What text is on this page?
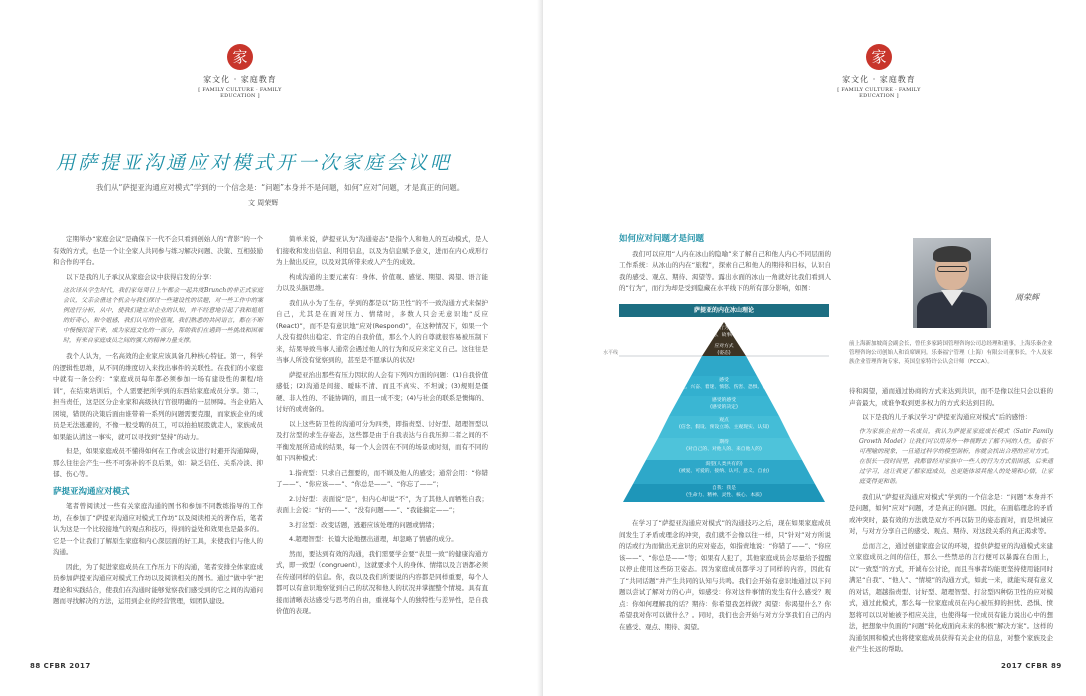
家
家文化 · 家庭教育
[ FAMILY CULTURE · FAMILY EDUCATION ]
用萨提亚沟通应对模式开一次家庭会议吧
我们从“萨提亚沟通应对模式”学到的一个信念是：“问题”本身并不是问题，如何“应对”问题，才是真正的问题。
文 周荣辉

定期举办“家庭会议”是确保下一代不会只看到创始人的“背影”的一个有效的方式，也是一个让全家人共同参与练习解决问题、决策、互相鼓励和合作的平台。

以下是我的儿子承汉从家庭会议中获得启发的分享：

这次译从学生时代，我们家每周日上午都会一起共度Brunch的非正式家庭会议，父亲会借这个机会与我们探讨一些建设性的话题，对一些工作中的案例进行分析，从中，使我们建立对企业的认知，并不经意地引起了我和姐姐的好奇心，和令姐感，我们认可的价值观，我们熟悉的共同语言，都在不断中慢慢沉淀下来，成为家庭文化的一部分，帮助我们在遇到一些挑战和困难时，有来自家庭成员之间的强大的精神力量支撑。

我个人认为，一名高效的企业家应该具备几种核心特征。第一，科学的逻辑性思维，从不同的维度切入来找出事件的关联性。在我们的小家庭中就有一条公约：“家庭成员每年都必须参加一场有建设性的课程/培训”，在结束培训后，个人需要把所学到的东西给家庭成员分享。第二，担当责任，这是区分企业家和高级执行官很明确的一层屏障。当企业陷入困境，错误的决策后面由谁带着一系列的问题需要克服，而家族企业的成员是无法逃避的，不像一般受聘的员工，可以拍拍屁股就走人，家族成员如果能认清这一事实，就可以寻找到“坚持”的动力。

但是，如果家庭成员不懂得如何在工作或会议进行时避开沟通障碍，那么往往会产生一些不可弥补的不良后果，如：缺乏信任、关系冷淡、抑郁、伤心等。

萨提亚沟通应对模式

笔者曾阅读过一些有关家庭沟通的图书和参加不同教练指导的工作坊，在参加了“萨提亚沟通应对模式工作坊”以及阅读相关的著作后，笔者认为这是一个比较接地气的观点和技巧，得到的益处和效果也是最多的。它是一个让我们了解原生家庭和内心深层面的好工具，来使我们与他人的沟通。

因此，为了促进家庭成员在工作压力下的沟通，笔者安排全体家庭成员参加萨提亚沟通应对模式工作坊以及阅读相关的图书。通过“做中学”把理论和实践结合，使我们在沟通时能够觉察我们感受到的它之间的沟通问题而寻找解决的方法，运用到企业的经营管理，如团队建设。

简单来说，萨提亚认为“沟通姿态”是指个人和他人的互动模式，是人们接收和发出信息、利用信息，以及为信息赋予意义，进而在内心成形行为上做出反应，以及对其所带来或人产生的成效。

构成沟通的主要元素有：身体、价值观、感觉、期望、渴望、语言能力以及头脑思维。

我们从小为了生存，学到的都是以“防卫性”的不一致沟通方式来保护自己，尤其是在面对压力、情绪时，多数人只会无意识地“反应(React)”，而不是有意识地“应对(Respond)”，在这种情况下，如果一个人没有提供出稳定、肯定的自我价值，那么个人的自尊就很容易被压制下来，结果导致当事人通常会遇过他人的行为和反应来定义自己。这往往是当事人所没有觉察到的，甚至是不愿承认的状况!

萨提亚治出那些有压力因状的人会有下列四方面的问题：(1)自我价值感低；(2)沟通是间接、暧昧不清、而且不真实、不坦诚；(3)规则是僵硬、非人性的、不能协调的，而且一成不变；(4)与社会的联系是懊悔的、讨好的或责备的。

以上这些防卫性的沟通可分为四类，即指责型、讨好型、超理智型以及打岔型的求生存姿态，这些都是由于自我表达与自我压抑二者之间的不平衡发展所造成的结果，每一个人会因在不同的场景或时刻，而有不同的如下四种模式：

1.指责型：只求自己想要的，而不顾及他人的感受；通常会用：“你错了——”、“你应该——”、“你总是——”、“你忘了——”；

2.讨好型：表面说“是”，但内心却说“不”，为了其他人而牺牲自我；表面上会说：“好的——”、“没有问题——”、“我能搞定——”；

3.打岔型：改变话题，逃避应该处理的问题或情绪；

4.超理智型：长篇大论地摆出道理，却忽略了情感的成分。

然而，要达到有效的沟通，我们需要学会要“表里一致”的健康沟通方式，即一致型（congruent），这就要求个人的身体、情绪以及言语都必须在传递同样的信息。你，我以及我们所要说的内容都是同样重要，每个人都可以有意识地察觉到自己的状况和他人的状况并掌握整个情境。具有直接而清晰表达感受与思考的自由，重视每个人的独特性与差异性，是自我价值的表现。

88 CFBR 2017
家
家文化 · 家庭教育
[ FAMILY CULTURE · FAMILY EDUCATION ]

如何应对问题才是问题

我们可以应用“人内在冰山的隐喻”来了解自己和他人内心不同层面的工作系统：从冰山的内在“旅程”，探索自己和他人的期待和目标，认识自我的感受、观点、期待、渴望等。露出水面的冰山一角就好比我们看到人的“行为”，而行为却是受到隐藏在水平线下的所有部分影响，如图：

萨提亚的内在冰山理论
行为
(行动、故事内容)
应对方式
(姿态)
感受
(喜悦、兴奋、着迷、愤怒、伤害、恐惧、忧伤)
感受的感受
(感受的决定)
观点
(信念、假设、预设立场、主观现实、认知)
期待
(对自己的、对他人的、来自他人的)
渴望(人类共有的)
(被爱、可爱的、接纳、认可、意义、自由)
自我：我是
(生命力、精神、灵性、核心、本质)
水平线

在学习了“萨提亚沟通应对模式”的沟通技巧之后，现在如果家庭成员间发生了矛盾或理念的冲突，我们就不会像以往一样，只“针对”对方所说的话或行为而做出无意识的应对姿态，如指责地说：“你错了——”、“你应该——”、“你总是——”等；如果有人犯了，其他家庭成员会尽量给予提醒以停止使用这些防卫姿态。因为家庭成员都学习了同样的内容，因此有了“共同话题”并产生共同的认知与共鸣。我们会开始有意识地通过以下问题以尝试了解对方的心声，如感受：你对这件事情的发生有什么感受？观点：你如何理解我的话？期待：你希望我怎样做？渴望：你渴望什么？你希望我对你可以做什么？。同时，我们也会开始与对方分享我们自己的内在感受、观点、期待、渴望。

周荣辉
前上海新加坡商会副会长，曾任多家跨国管理咨询公司总经理和董事，上海乐秦企业管理咨询公司创始人和首席顾问。乐秦福宁管理（上海）有限公司董事长，个人及家族企业管理咨询专家，英国皇家特许公认会计师（FCCA）。

待和渴望，通而通过协商的方式来达到共识，而不是像以往只会以谁的声音最大，或谁争取到更多权力的方式来达到目的。

以下是我的儿子承汉学习“萨提亚沟通应对模式”后的感悟：

作为家族企业的一名成员，我认为萨提亚家庭成长模式（Satir Family Growth Model）让我们可以用另外一种视野去了解不同的人性，看似不可理喻的现象，一旦通过科学的模型剖析，你就会找出合理的应对方式。在很长一段时间里，我都曾经对家族中一些人的行为方式很困惑，后来通过学习，这让我更了解家庭成员，也更能体谅其他人的处境和心情，让家庭变得更和谐。

我们从“萨提亚沟通应对模式”学到的一个信念是：“问题”本身并不是问题，如何“应对”问题，才是真正的问题。因此，在面临理念的矛盾或冲突时，最有效的方法就是双方不再以防卫的姿态面对，而是坦诚应对，与对方分享自己的感受、观点、期待、对这段关系的真正渴求等。

总而言之，通过创建家庭会议的环境，提供萨提亚的沟通模式来建立家庭成员之间的信任，那么一些禁忌的言行便可以暴露在台面上，以“一致型”的方式，开诚布公讨论，而且当事者均能更坚持使用能同时满足“自我”、“他人”、“情境”的沟通方式，如此一来，就能实现有意义的对话，超越指责型、讨好型、超理智型、打岔型四种防卫性的应对模式，通过此模式，那么每一位家庭成员在内心被压抑的担忧、恐惧、愤怒将可以以对她被予相应关注，也使得每一位成员有能力说出心中的想法，把想象中负面的“问题”转化成面向未来的积极“解决方案”。这样的沟通氛围和模式也将使家庭成员获得有关企业的信息，对整个家族及企业产生长远的帮助。

2017 CFBR 89
